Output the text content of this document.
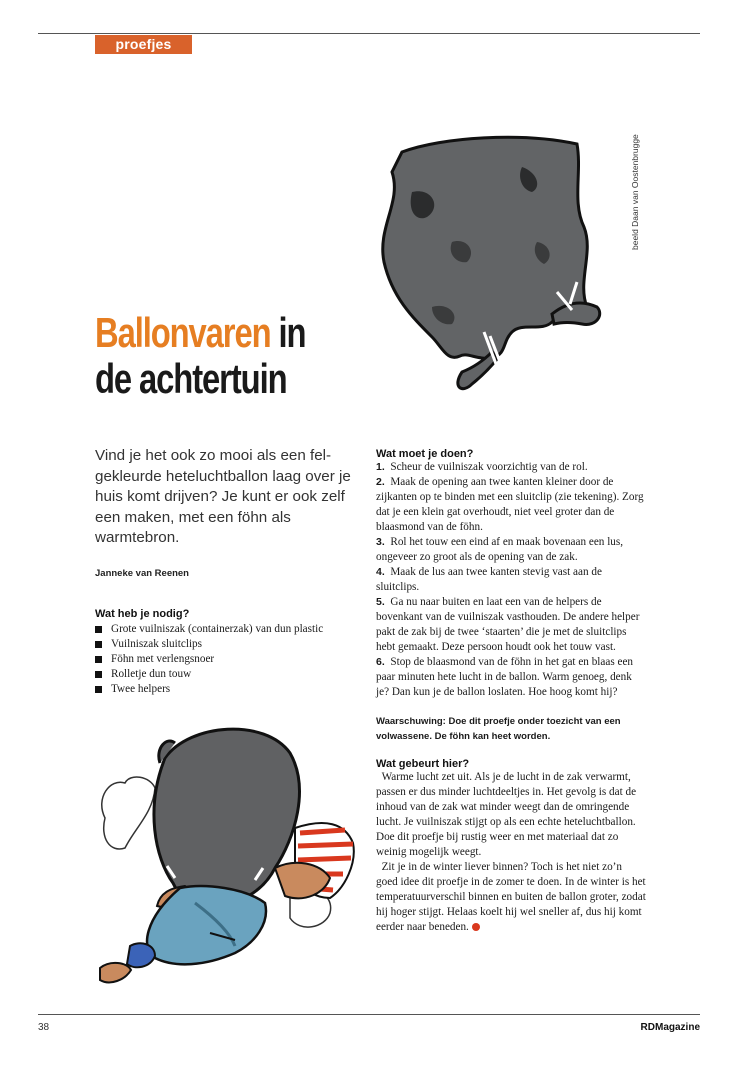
proefjes
beeld Daan van Oostenbrugge
Ballonvaren in
de achtertuin
Vind je het ook zo mooi als een fel-gekleurde heteluchtballon laag over je huis komt drijven? Je kunt er ook zelf een maken, met een föhn als warmtebron.
Janneke van Reenen

Wat heb je nodig?

Grote vuilniszak (containerzak) van dun plastic
Vuilniszak sluitclips
Föhn met verlengsnoer
Rolletje dun touw
Twee helpers

Wat moet je doen?

1. Scheur de vuilniszak voorzichtig van de rol.

2. Maak de opening aan twee kanten kleiner door de zijkanten op te binden met een sluitclip (zie tekening). Zorg dat je een klein gat overhoudt, niet veel groter dan de blaasmond van de föhn.

3. Rol het touw een eind af en maak bovenaan een lus, ongeveer zo groot als de opening van de zak.

4. Maak de lus aan twee kanten stevig vast aan de sluitclips.

5. Ga nu naar buiten en laat een van de helpers de bovenkant van de vuilniszak vasthouden. De andere helper pakt de zak bij de twee ‘staarten’ die je met de sluitclips hebt gemaakt. Deze persoon houdt ook het touw vast.

6. Stop de blaasmond van de föhn in het gat en blaas een paar minuten hete lucht in de ballon. Warm genoeg, denk je? Dan kun je de ballon loslaten. Hoe hoog komt hij?

Waarschuwing: Doe dit proefje onder toezicht van een volwassene. De föhn kan heet worden.

Wat gebeurt hier?

Warme lucht zet uit. Als je de lucht in de zak verwarmt, passen er dus minder luchtdeeltjes in. Het gevolg is dat de inhoud van de zak wat minder weegt dan de omringende lucht. Je vuilniszak stijgt op als een echte heteluchtballon. Doe dit proefje bij rustig weer en met materiaal dat zo weinig mogelijk weegt.

Zit je in de winter liever binnen? Toch is het niet zo’n goed idee dit proefje in de zomer te doen. In de winter is het temperatuurverschil binnen en buiten de ballon groter, zodat hij hoger stijgt. Helaas koelt hij wel sneller af, dus hij komt eerder naar beneden.

38	RDMagazine
